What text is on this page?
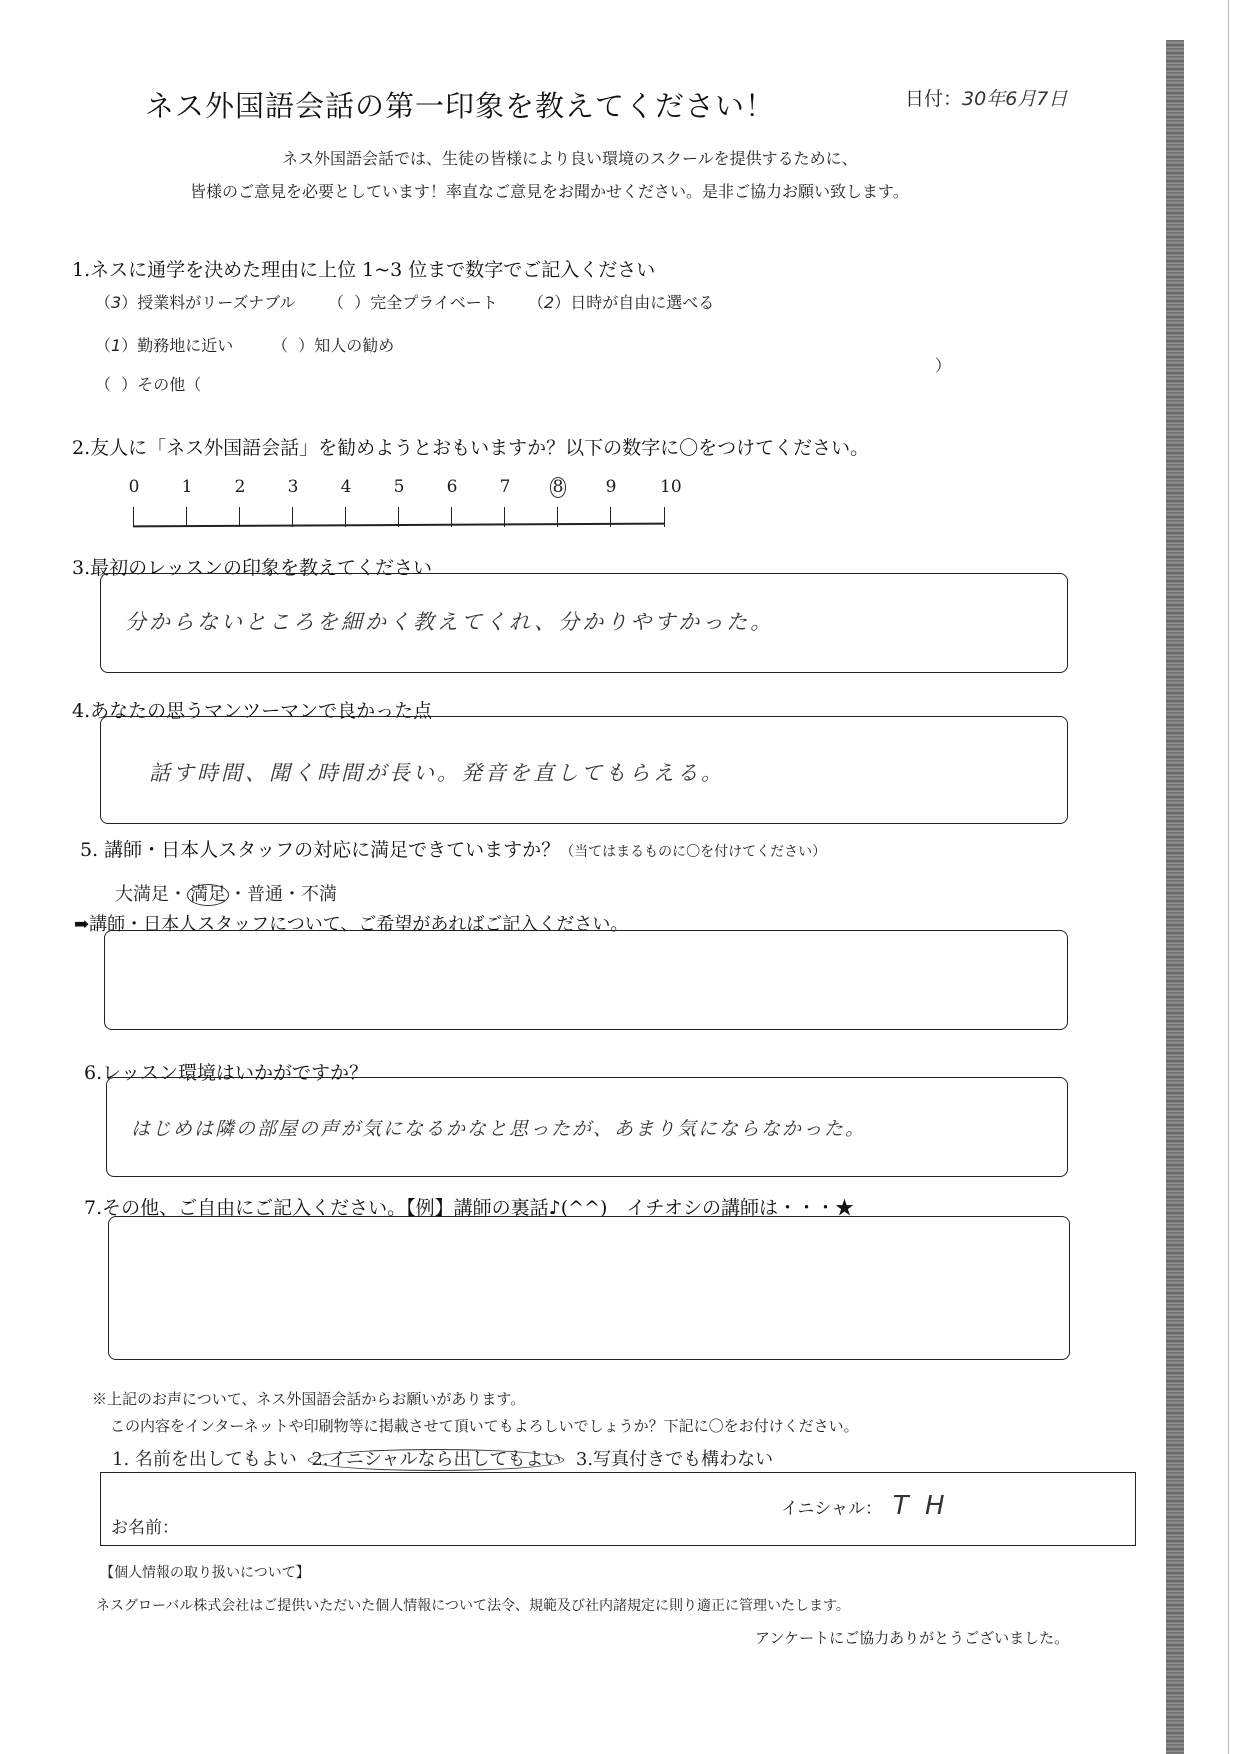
ネス外国語会話の第一印象を教えてください！	日付：30年6月7日
ネス外国語会話では、生徒の皆様により良い環境のスクールを提供するために、
皆様のご意見を必要としています！率直なご意見をお聞かせください。是非ご協力お願い致します。
1.ネスに通学を決めた理由に上位 1~3 位まで数字でご記入ください
（3）授業料がリーズナブル （  ）完全プライベート （2）日時が自由に選べる
（1）勤務地に近い （  ）知人の勧め
（  ）その他（
）
2.友人に「ネス外国語会話」を勧めようとおもいますか？以下の数字に〇をつけてください。
0 1 2 3 4 5 6 7 8 9	10
3.最初のレッスンの印象を教えてください
分からないところを細かく教えてくれ、分かりやすかった。
4.あなたの思うマンツーマンで良かった点
話す時間、聞く時間が長い。発音を直してもらえる。
5. 講師・日本人スタッフの対応に満足できていますか？（当てはまるものに〇を付けてください）
大満足・ 満足 ・普通・不満
➡講師・日本人スタッフについて、ご希望があればご記入ください。
6.レッスン環境はいかがですか？
はじめは隣の部屋の声が気になるかなと思ったが、あまり気にならなかった。
7.その他、ご自由にご記入ください。【例】講師の裏話♪(^^)　イチオシの講師は・・・★
※上記のお声について、ネス外国語会話からお願いがあります。
この内容をインターネットや印刷物等に掲載させて頂いてもよろしいでしょうか？下記に〇をお付けください。
1. 名前を出してもよい 2.イニシャルなら出してもよい 3.写真付きでも構わない
お名前：
イニシャル： T H
【個人情報の取り扱いについて】
ネスグローバル株式会社はご提供いただいた個人情報について法令、規範及び社内諸規定に則り適正に管理いたします。
アンケートにご協力ありがとうございました。
